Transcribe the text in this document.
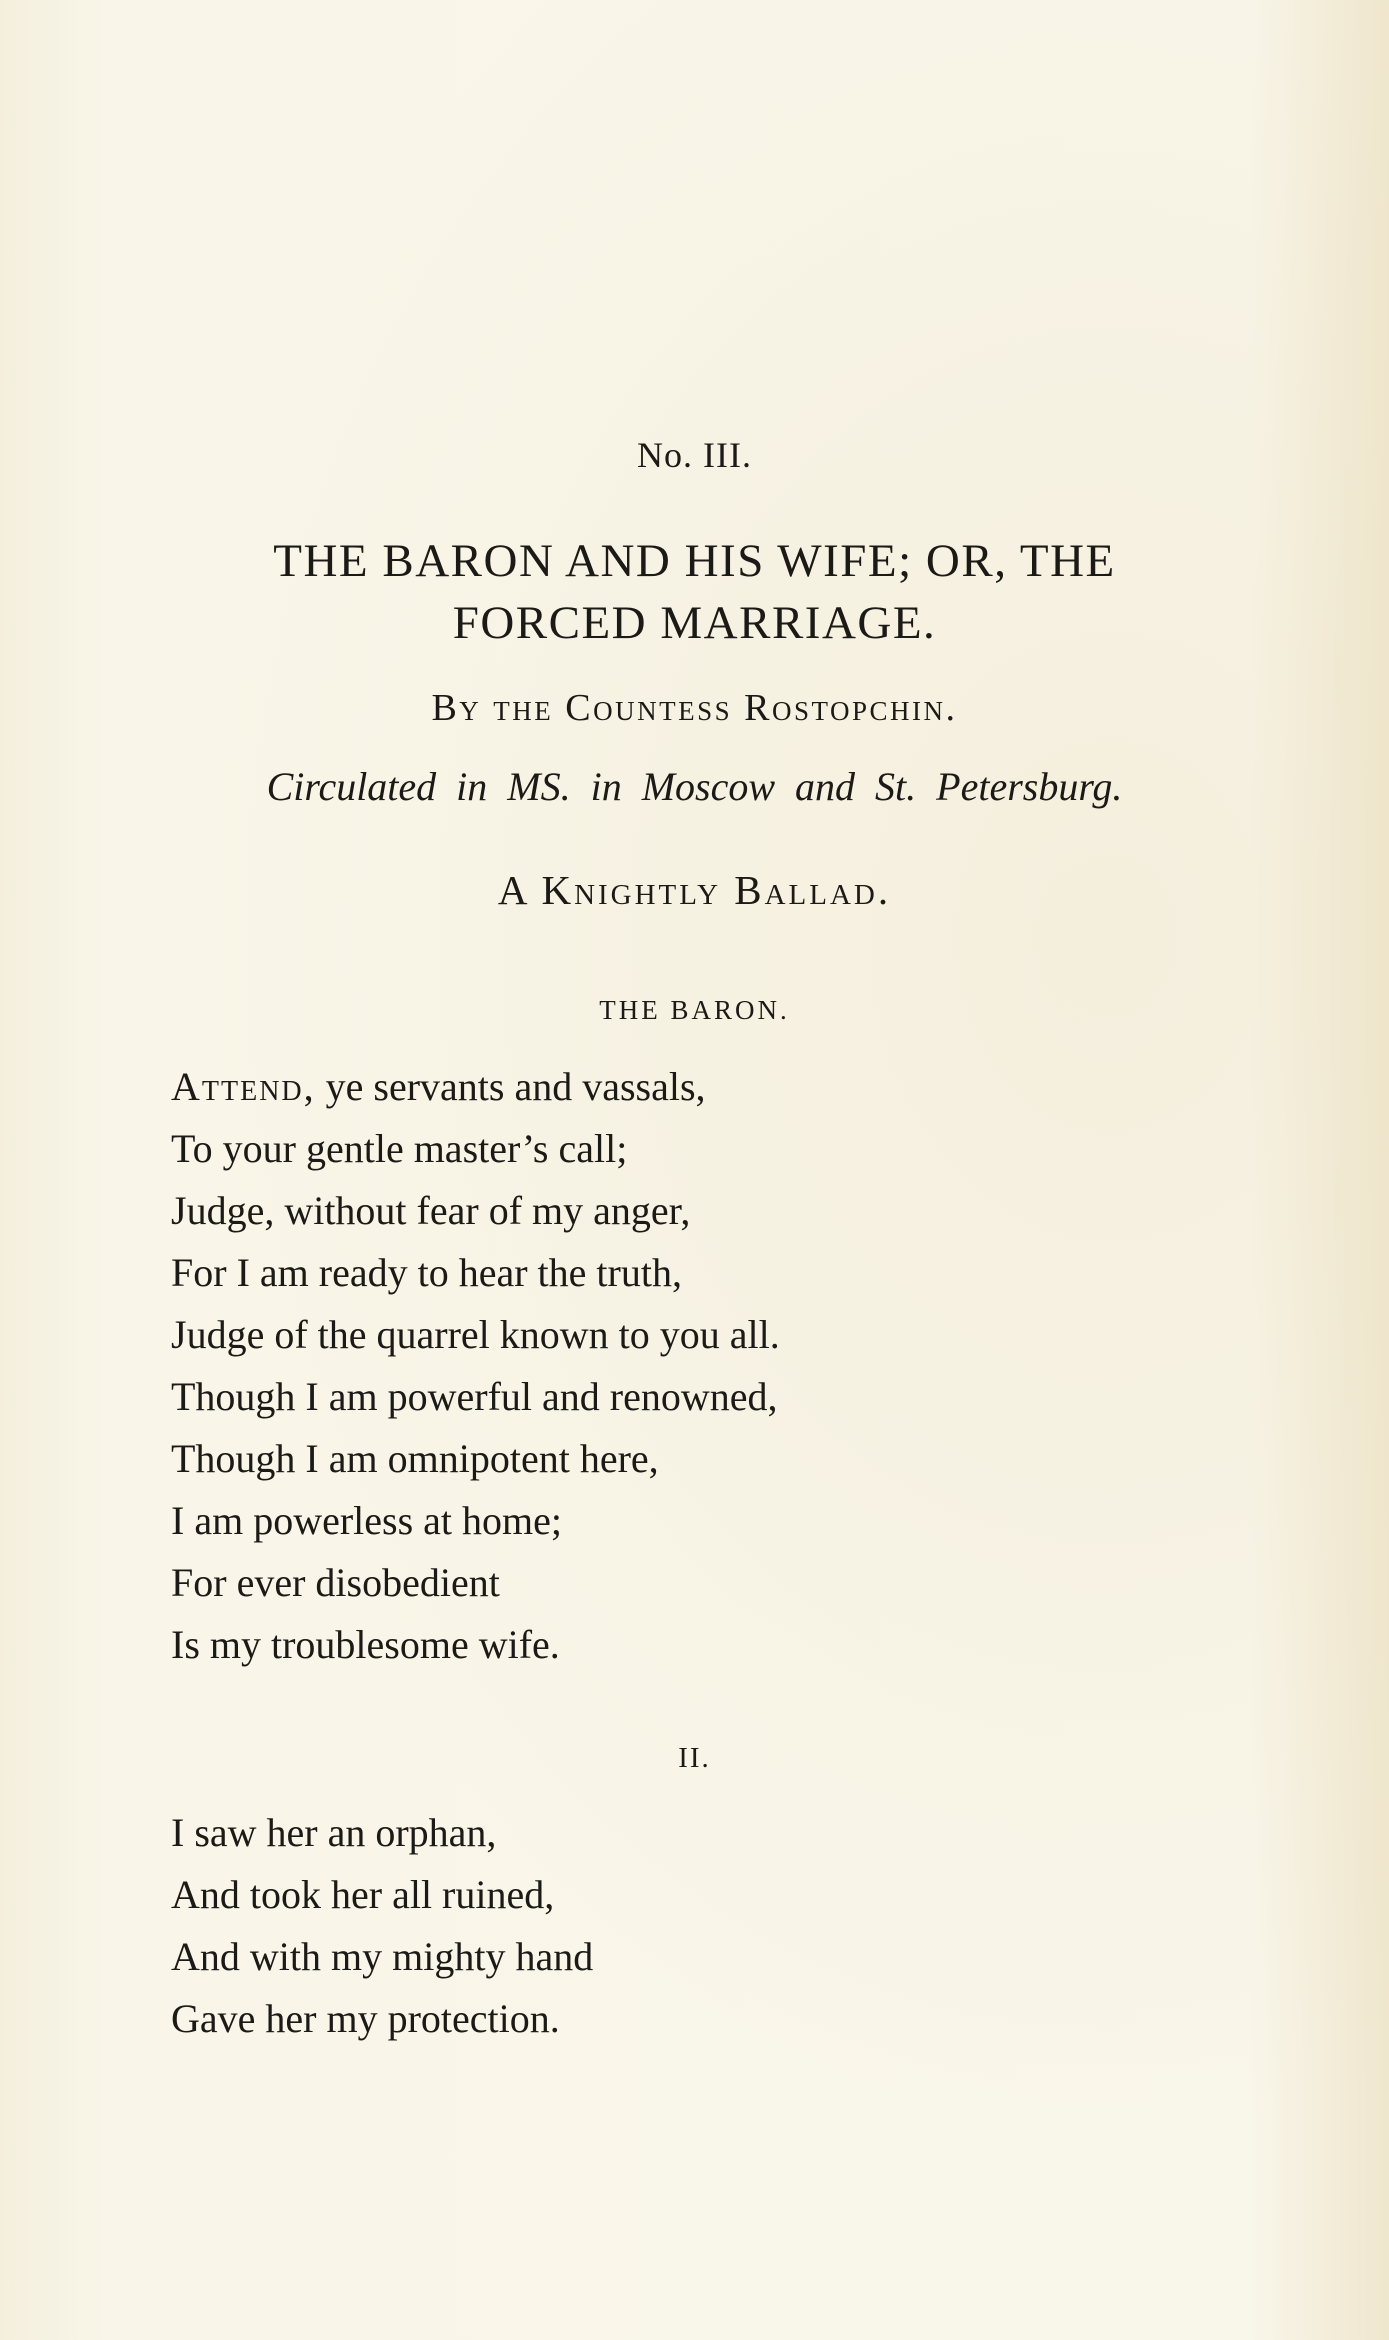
No. III.
THE BARON AND HIS WIFE; OR, THE
FORCED MARRIAGE.
By the Countess Rostopchin.
Circulated in MS. in Moscow and St. Petersburg.
A Knightly Ballad.
THE BARON.
Attend, ye servants and vassals,
To your gentle master’s call;
Judge, without fear of my anger,
For I am ready to hear the truth,
Judge of the quarrel known to you all.
Though I am powerful and renowned,
Though I am omnipotent here,
I am powerless at home;
For ever disobedient
Is my troublesome wife.
II.
I saw her an orphan,
And took her all ruined,
And with my mighty hand
Gave her my protection.
